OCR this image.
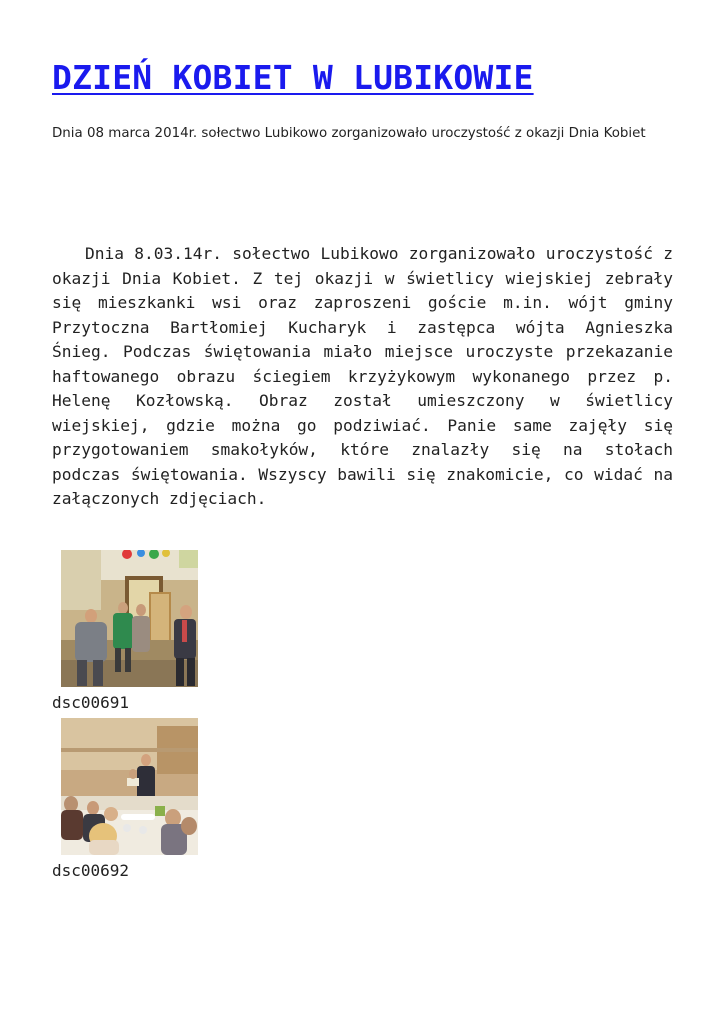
DZIEŃ KOBIET W LUBIKOWIE

Dnia 08 marca 2014r. sołectwo Lubikowo zorganizowało uroczystość z okazji Dnia Kobiet

Dnia 8.03.14r. sołectwo Lubikowo zorganizowało uroczystość z okazji Dnia Kobiet. Z tej okazji w świetlicy wiejskiej zebrały się mieszkanki wsi oraz zaproszeni goście m.in. wójt gminy Przytoczna Bartłomiej Kucharyk i zastępca wójta Agnieszka Śnieg. Podczas świętowania miało miejsce uroczyste przekazanie haftowanego obrazu ściegiem krzyżykowym wykonanego przez p. Helenę Kozłowską. Obraz został umieszczony w świetlicy wiejskiej, gdzie można go podziwiać. Panie same zajęły się przygotowaniem smakołyków, które znalazły się na stołach podczas świętowania. Wszyscy bawili się znakomicie, co widać na załączonych zdjęciach.

dsc00691

dsc00692
